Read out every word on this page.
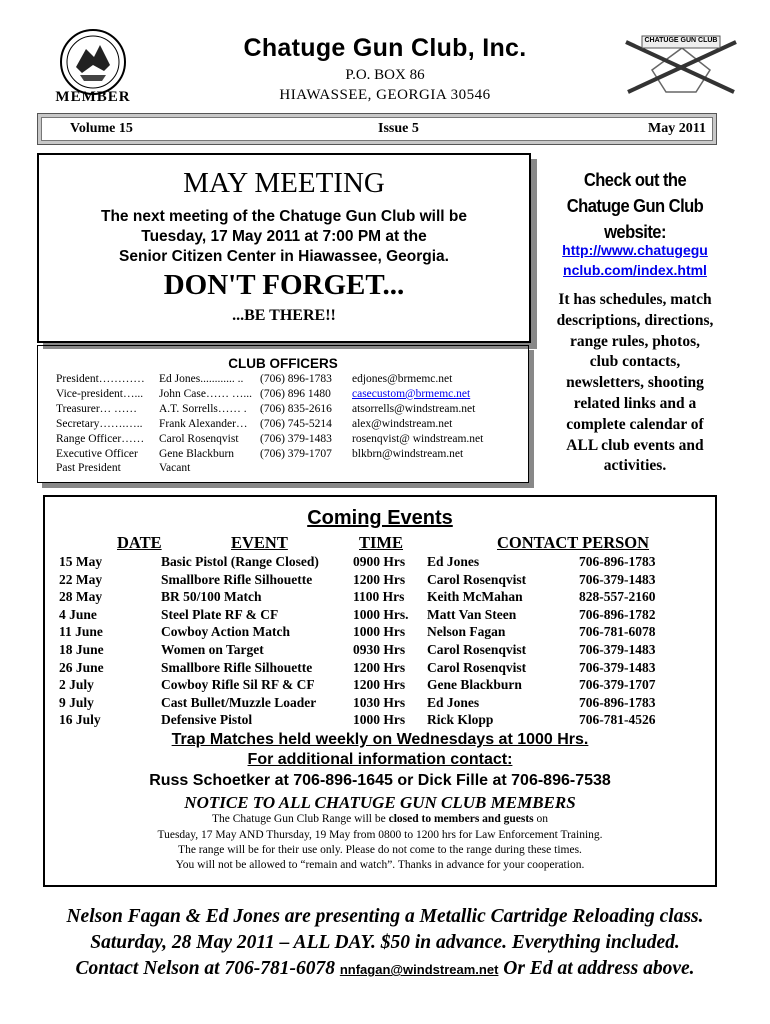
MEMBER
Chatuge Gun Club, Inc.
P.O. BOX 86
HIAWASSEE, GEORGIA 30546
CHATUGE GUN CLUB
Volume 15	Issue 5	May 2011
MAY MEETING
The next meeting of the Chatuge Gun Club will be
Tuesday, 17 May 2011 at 7:00 PM at the
Senior Citizen Center in Hiawassee, Georgia.
DON'T FORGET...
...BE THERE!!
CLUB OFFICERS
President………… Ed Jones............ .. (706) 896-1783 edjones@brmemc.net
Vice-president…... John Case…… …... (706) 896 1480 casecustom@brmemc.net
Treasurer… …… A.T. Sorrells…… . (706) 835-2616 atsorrells@windstream.net
Secretary…….….. Frank Alexander… (706) 745-5214 alex@windstream.net
Range Officer…… Carol Rosenqvist (706) 379-1483 rosenqvist@ windstream.net
Executive Officer Gene Blackburn (706) 379-1707 blkbrn@windstream.net
Past President	Vacant
Check out the
Chatuge Gun Club
website:
http://www.chatugegu
nclub.com/index.html
It has schedules, match
descriptions, directions,
range rules, photos,
club contacts,
newsletters, shooting
related links and a
complete calendar of
ALL club events and
activities.
Coming Events
DATE	EVENT	TIME	CONTACT PERSON
15 May	Basic Pistol (Range Closed)	0900 Hrs Ed Jones	706-896-1783
22 May	Smallbore Rifle Silhouette	1200 Hrs Carol Rosenqvist	706-379-1483
28 May	BR 50/100 Match	1100 Hrs Keith McMahan	828-557-2160
4 June	Steel Plate RF & CF	1000 Hrs. Matt Van Steen	706-896-1782
11 June	Cowboy Action Match	1000 Hrs Nelson Fagan	706-781-6078
18 June	Women on Target	0930 Hrs Carol Rosenqvist	706-379-1483
26 June	Smallbore Rifle Silhouette	1200 Hrs Carol Rosenqvist	706-379-1483
2 July	Cowboy Rifle Sil RF & CF	1200 Hrs Gene Blackburn	706-379-1707
9 July	Cast Bullet/Muzzle Loader	1030 Hrs Ed Jones	706-896-1783
16 July	Defensive Pistol	1000 Hrs Rick Klopp	706-781-4526
Trap Matches held weekly on Wednesdays at 1000 Hrs.
For additional information contact:
Russ Schoetker at 706-896-1645 or Dick Fille at 706-896-7538
NOTICE TO ALL CHATUGE GUN CLUB MEMBERS
The Chatuge Gun Club Range will be closed to members and guests on
Tuesday, 17 May AND Thursday, 19 May from 0800 to 1200 hrs for Law Enforcement Training.
The range will be for their use only. Please do not come to the range during these times.
You will not be allowed to “remain and watch”. Thanks in advance for your cooperation.
Nelson Fagan & Ed Jones are presenting a Metallic Cartridge Reloading class.
Saturday, 28 May 2011 – ALL DAY. $50 in advance. Everything included.
Contact Nelson at 706-781-6078 nnfagan@windstream.net Or Ed at address above.
